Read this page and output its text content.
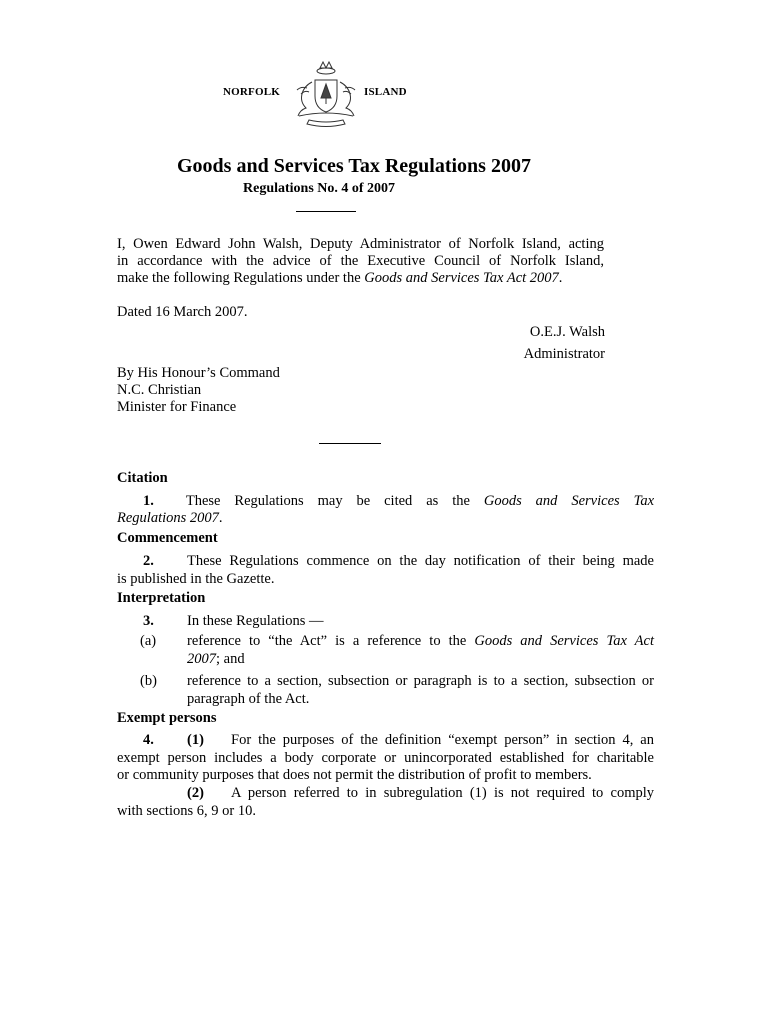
NORFOLK	ISLAND
Goods and Services Tax Regulations 2007
Regulations No. 4 of 2007
I, Owen Edward John Walsh, Deputy Administrator of Norfolk Island, acting
in accordance with the advice of the Executive Council of Norfolk Island,
make the following Regulations under the Goods and Services Tax Act 2007.
Dated 16 March 2007.
O.E.J. Walsh
Administrator
By His Honour’s Command
N.C. Christian
Minister for Finance
Citation
1. These Regulations may be cited as the Goods and Services Tax
Regulations 2007.
Commencement
2. These Regulations commence on the day notification of their being made
is published in the Gazette.
Interpretation
3. In these Regulations —
(a) reference to “the Act” is a reference to the Goods and Services Tax Act
2007; and
(b) reference to a section, subsection or paragraph is to a section, subsection or
paragraph of the Act.
Exempt persons
4. (1) For the purposes of the definition “exempt person” in section 4, an
exempt person includes a body corporate or unincorporated established for charitable
or community purposes that does not permit the distribution of profit to members.
(2) A person referred to in subregulation (1) is not required to comply
with sections 6, 9 or 10.
